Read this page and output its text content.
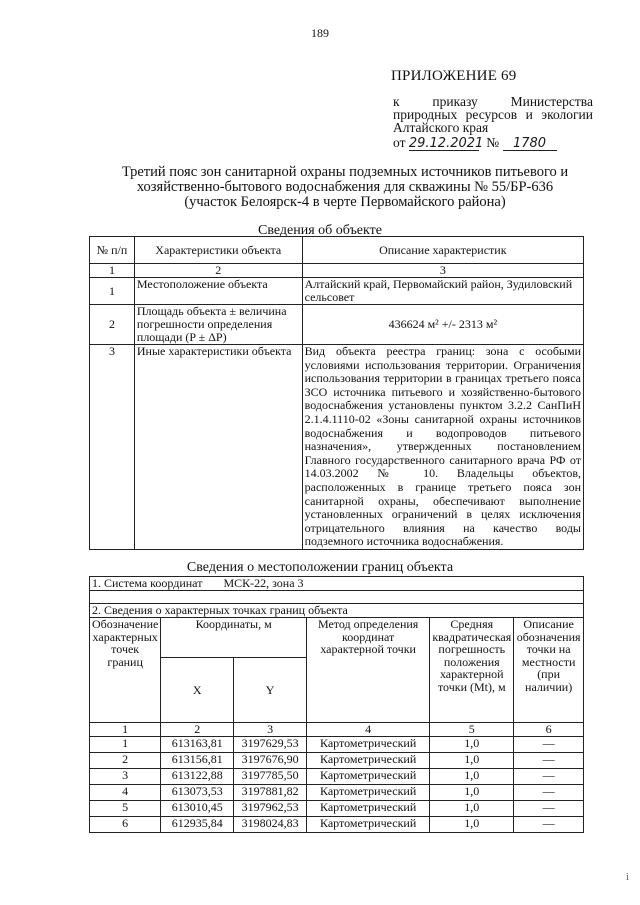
189
ПРИЛОЖЕНИЕ 69
к приказу Министерства природных ресурсов и экологии Алтайского края
от 29.12.2021 № 1780
Третий пояс зон санитарной охраны подземных источников питьевого и
хозяйственно-бытового водоснабжения для скважины № 55/БР-636
(участок Белоярск-4 в черте Первомайского района)
Сведения об объекте
№ п/п	Характеристики объекта	Описание характеристик
1	2	3
1	Местоположение объекта	Алтайский край, Первомайский район, Зудиловский сельсовет
2	Площадь объекта ± величина погрешности определения площади (P ± ΔP)	436624 м² +/- 2313 м²
3	Иные характеристики объекта	Вид объекта реестра границ: зона с особыми условиями использования территории. Ограничения использования территории в границах третьего пояса ЗСО источника питьевого и хозяйственно-бытового водоснабжения установлены пунктом 3.2.2 СанПиН 2.1.4.1110-02 «Зоны санитарной охраны источников водоснабжения и водопроводов питьевого назначения», утвержденных постановлением Главного государственного санитарного врача РФ от 14.03.2002 № 10. Владельцы объектов, расположенных в границе третьего пояса зон санитарной охраны, обеспечивают выполнение установленных ограничений в целях исключения отрицательного влияния на качество воды подземного источника водоснабжения.
Сведения о местоположении границ объекта
1. Система координат МСК-22, зона 3					

2. Сведения о характерных точках границ объекта					
Обозначение характерных точек границ	Координаты, м		Метод определения координат характерной точки	Средняя квадратическая погрешность положения характерной точки (Mt), м	Описание обозначения точки на местности (при наличии)
	X	Y			
1	2	3	4	5	6
1	613163,81	3197629,53	Картометрический	1,0	—
2	613156,81	3197676,90	Картометрический	1,0	—
3	613122,88	3197785,50	Картометрический	1,0	—
4	613073,53	3197881,82	Картометрический	1,0	—
5	613010,45	3197962,53	Картометрический	1,0	—
6	612935,84	3198024,83	Картометрический	1,0	—
i
